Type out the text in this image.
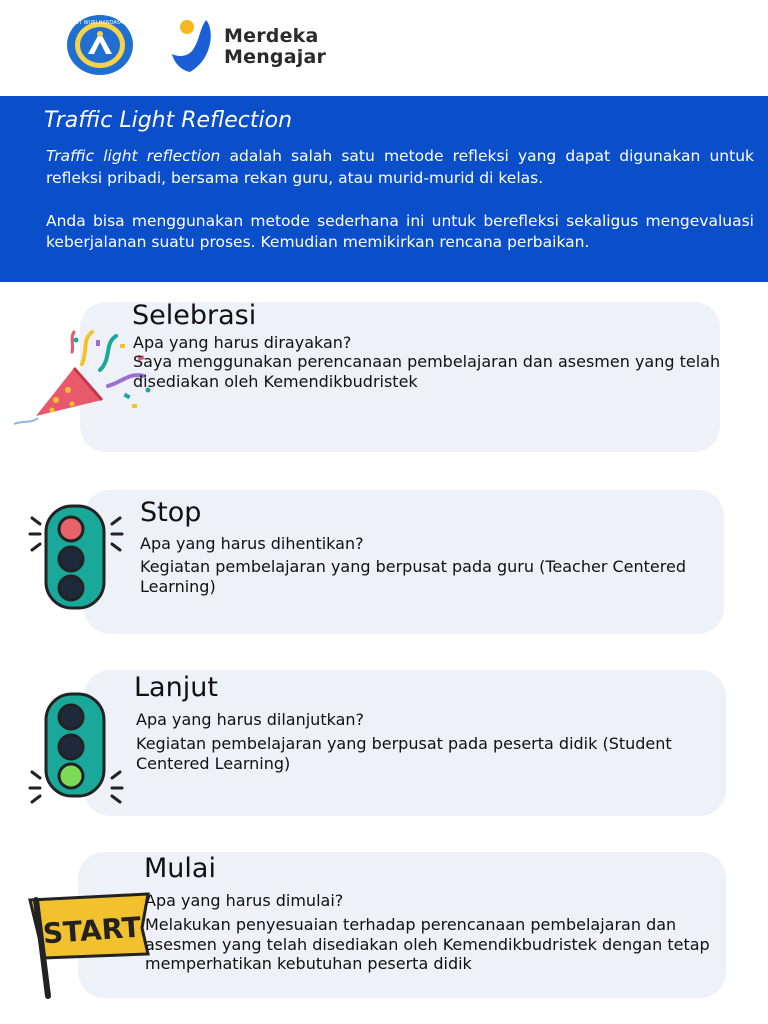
TUT WURI HANDAYANI
Merdeka
Mengajar
Traffic Light Reflection

Traffic light reflection adalah salah satu metode refleksi yang dapat digunakan untuk refleksi pribadi, bersama rekan guru, atau murid-murid di kelas.

Anda bisa menggunakan metode sederhana ini untuk berefleksi sekaligus mengevaluasi keberjalanan suatu proses. Kemudian memikirkan rencana perbaikan.

Selebrasi
Apa yang harus dirayakan?
Saya menggunakan perencanaan pembelajaran dan asesmen yang telah disediakan oleh Kemendikbudristek
Stop
Apa yang harus dihentikan?
Kegiatan pembelajaran yang berpusat pada guru (Teacher Centered Learning)
Lanjut
Apa yang harus dilanjutkan?
Kegiatan pembelajaran yang berpusat pada peserta didik (Student Centered Learning)
START
Mulai
Apa yang harus dimulai?
Melakukan penyesuaian terhadap perencanaan pembelajaran dan asesmen yang telah disediakan oleh Kemendikbudristek dengan tetap memperhatikan kebutuhan peserta didik
